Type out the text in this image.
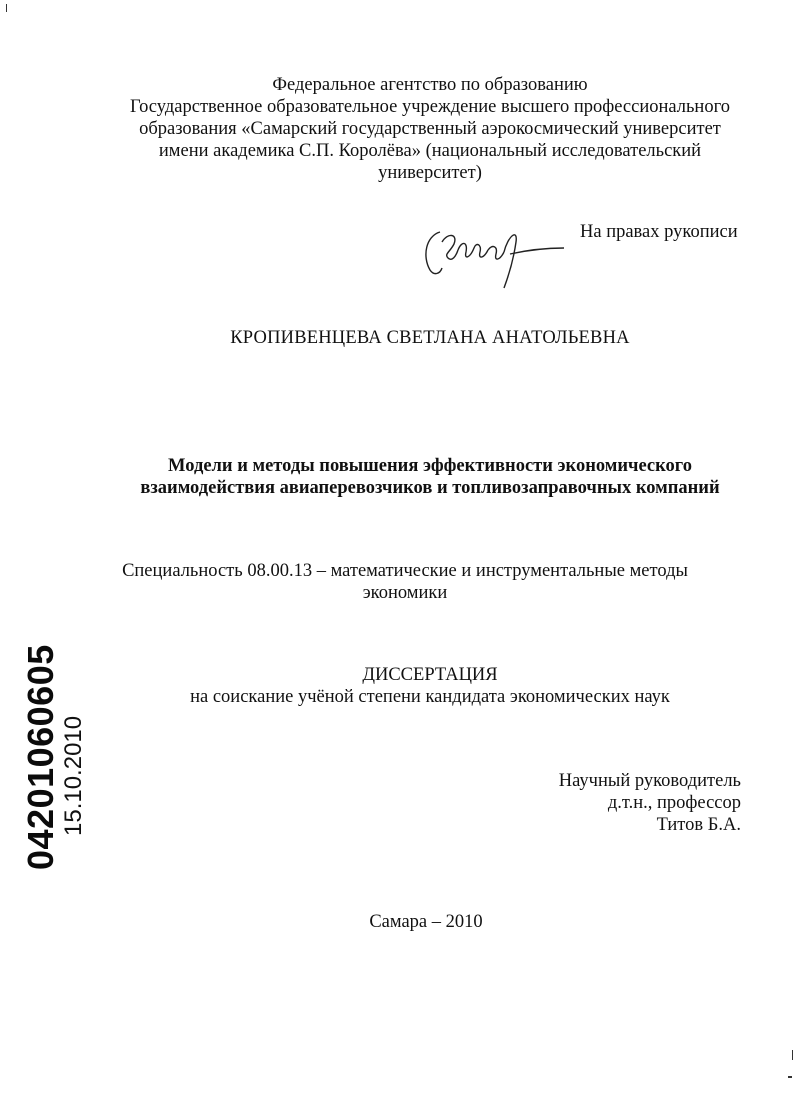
Федеральное агентство по образованию
Государственное образовательное учреждение высшего профессионального
образования «Самарский государственный аэрокосмический университет
имени академика С.П. Королёва» (национальный исследовательский
университет)
На правах рукописи
КРОПИВЕНЦЕВА СВЕТЛАНА АНАТОЛЬЕВНА
Модели и методы повышения эффективности экономического
взаимодействия авиаперевозчиков и топливозаправочных компаний
Специальность 08.00.13 – математические и инструментальные методы
экономики
ДИССЕРТАЦИЯ
на соискание учёной степени кандидата экономических наук
Научный руководитель
д.т.н., профессор
Титов Б.А.
Самара – 2010
04201060605 15.10.2010
